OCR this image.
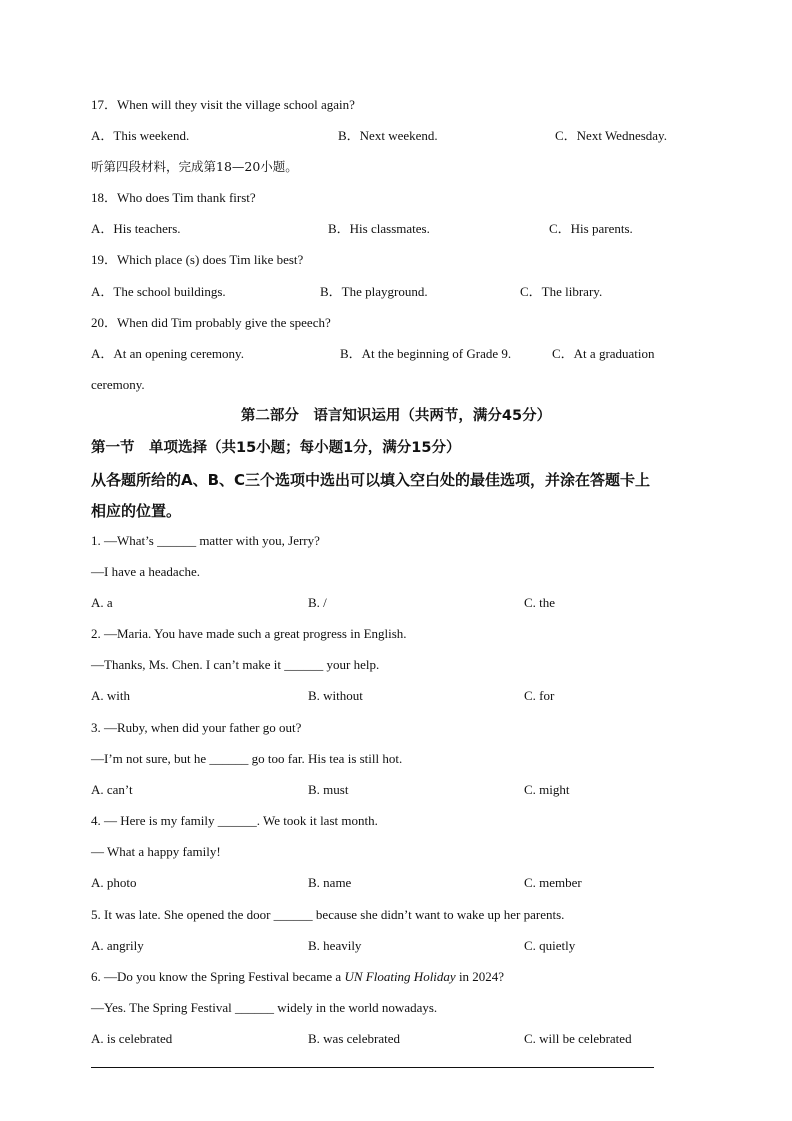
17．When will they visit the village school again?
A．This weekend.	B．Next weekend.	C．Next Wednesday.
听第四段材料，完成第18—20小题。
18．Who does Tim thank first?
A．His teachers.	B．His classmates.	C．His parents.
19．Which place (s) does Tim like best?
A．The school buildings.	B．The playground.	C．The library.
20．When did Tim probably give the speech?
A．At an opening ceremony.	B．At the beginning of Grade 9.	C．At a graduation
ceremony.
第二部分　语言知识运用（共两节，满分45分）
第一节　单项选择（共15小题；每小题1分，满分15分）
从各题所给的A、B、C三个选项中选出可以填入空白处的最佳选项，并涂在答题卡上
相应的位置。
1. —What’s ______ matter with you, Jerry?
—I have a headache.
A. a	B. /	C. the
2. —Maria. You have made such a great progress in English.
—Thanks, Ms. Chen. I can’t make it ______ your help.
A. with	B. without	C. for
3. —Ruby, when did your father go out?
—I’m not sure, but he ______ go too far. His tea is still hot.
A. can’t	B. must	C. might
4. — Here is my family ______. We took it last month.
— What a happy family!
A. photo	B. name	C. member
5. It was late. She opened the door ______ because she didn’t want to wake up her parents.
A. angrily	B. heavily	C. quietly
6. —Do you know the Spring Festival became a UN Floating Holiday in 2024?
—Yes. The Spring Festival ______ widely in the world nowadays.
A. is celebrated	B. was celebrated	C. will be celebrated
